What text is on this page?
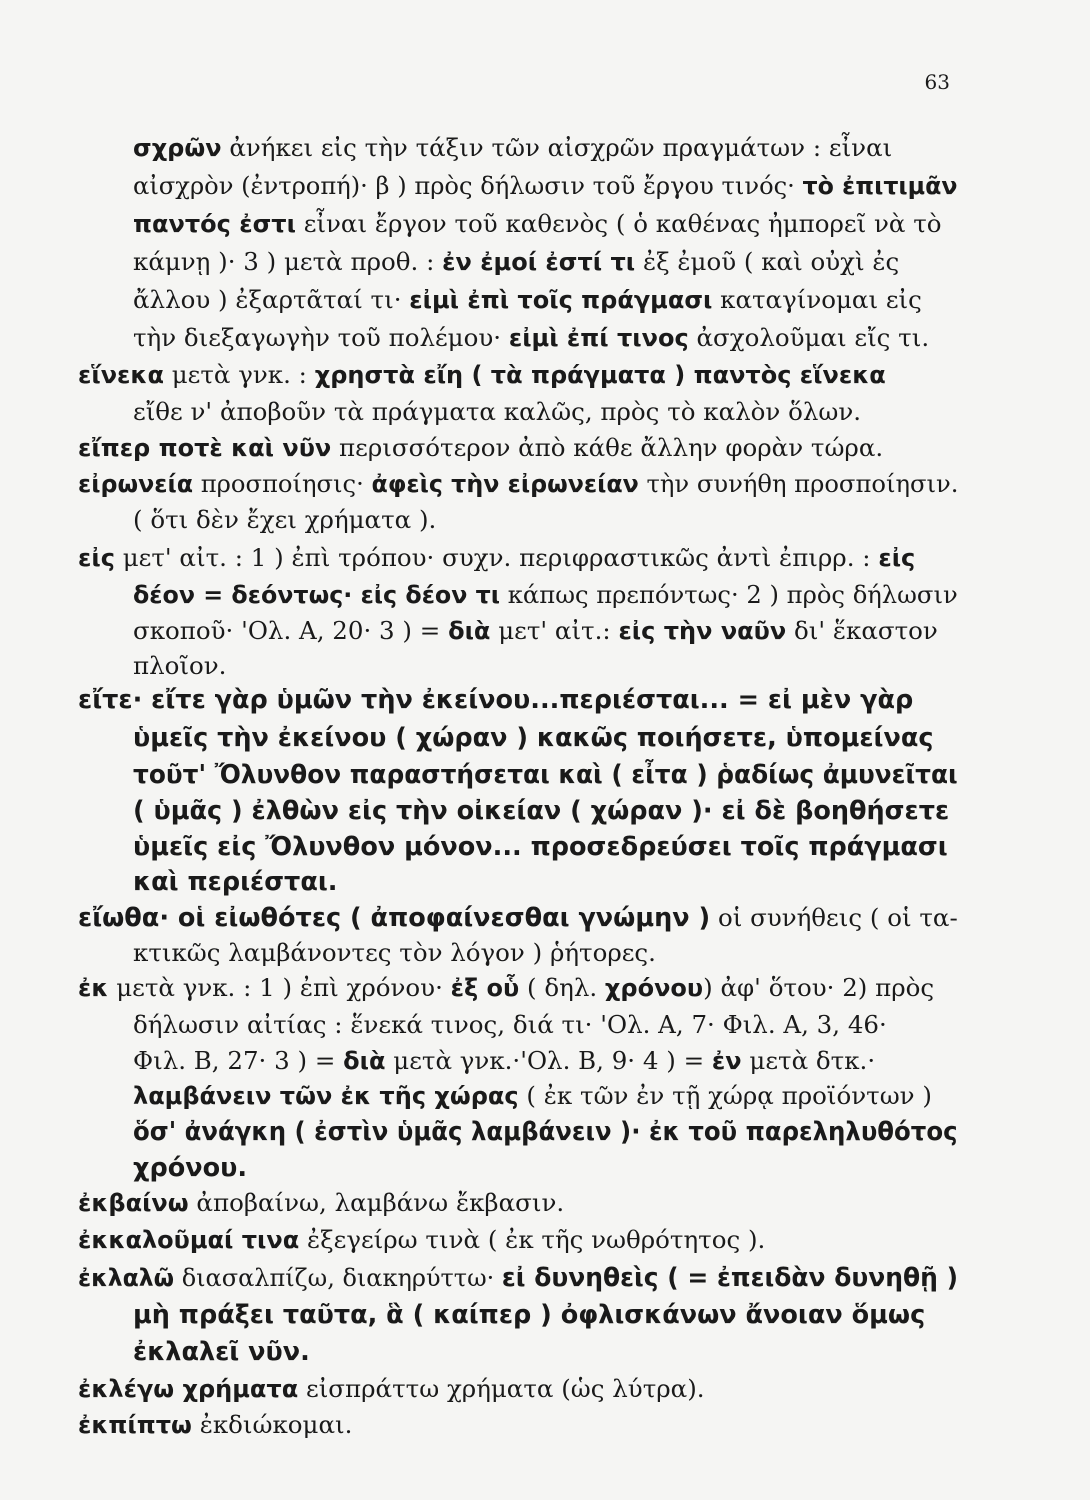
63
σχρῶν ἀνήκει εἰς τὴν τάξιν τῶν αἰσχρῶν πραγμάτων : εἶναι
αἰσχρὸν (ἐντροπή)· β ) πρὸς δήλωσιν τοῦ ἔργου τινός· τὸ ἐπιτιμᾶν
παντός ἐστι εἶναι ἔργον τοῦ καθενὸς ( ὁ καθένας ἠμπορεῖ νὰ τὸ
κάμνῃ )· 3 ) μετὰ προθ. : ἐν ἐμοί ἐστί τι ἐξ ἐμοῦ ( καὶ οὐχὶ ἐς
ἄλλου ) ἐξαρτᾶταί τι· εἰμὶ ἐπὶ τοῖς πράγμασι καταγίνομαι εἰς
τὴν διεξαγωγὴν τοῦ πολέμου· εἰμὶ ἐπί τινος ἀσχολοῦμαι εἴς τι.
εἵνεκα μετὰ γνκ. : χρηστὰ εἴη ( τὰ πράγματα ) παντὸς εἵνεκα
εἴθε ν' ἀποβοῦν τὰ πράγματα καλῶς, πρὸς τὸ καλὸν ὅλων.
εἴπερ ποτὲ καὶ νῦν περισσότερον ἀπὸ κάθε ἄλλην φορὰν τώρα.
εἰρωνεία προσποίησις· ἀφεὶς τὴν εἰρωνείαν τὴν συνήθη προσποίησιν.
( ὅτι δὲν ἔχει χρήματα ).
εἰς μετ' αἰτ. : 1 ) ἐπὶ τρόπου· συχν. περιφραστικῶς ἀντὶ ἐπιρρ. : εἰς
δέον = δεόντως· εἰς δέον τι κάπως πρεπόντως· 2 ) πρὸς δήλωσιν
σκοποῦ· 'Ολ. Α, 20· 3 ) = διὰ μετ' αἰτ.: εἰς τὴν ναῦν δι' ἕκαστον
πλοῖον.
εἴτε· εἴτε γὰρ ὑμῶν τὴν ἐκείνου...περιέσται... = εἰ μὲν γὰρ
ὑμεῖς τὴν ἐκείνου ( χώραν ) κακῶς ποιήσετε, ὑπομείνας
τοῦτ' Ὄλυνθον παραστήσεται καὶ ( εἶτα ) ῥαδίως ἀμυνεῖται
( ὑμᾶς ) ἐλθὼν εἰς τὴν οἰκείαν ( χώραν )· εἰ δὲ βοηθήσετε
ὑμεῖς εἰς Ὄλυνθον μόνον... προσεδρεύσει τοῖς πράγμασι
καὶ περιέσται.
εἴωθα· οἱ εἰωθότες ( ἀποφαίνεσθαι γνώμην ) οἱ συνήθεις ( οἱ τα-
κτικῶς λαμβάνοντες τὸν λόγον ) ῥήτορες.
ἐκ μετὰ γνκ. : 1 ) ἐπὶ χρόνου· ἐξ οὗ ( δηλ. χρόνου) ἀφ' ὅτου· 2) πρὸς
δήλωσιν αἰτίας : ἕνεκά τινος, διά τι· 'Ολ. Α, 7· Φιλ. Α, 3, 46·
Φιλ. Β, 27· 3 ) = διὰ μετὰ γνκ.·'Ολ. Β, 9· 4 ) = ἐν μετὰ δτκ.·
λαμβάνειν τῶν ἐκ τῆς χώρας ( ἐκ τῶν ἐν τῇ χώρᾳ προϊόντων )
ὅσ' ἀνάγκη ( ἐστὶν ὑμᾶς λαμβάνειν )· ἐκ τοῦ παρεληλυθότος
χρόνου.
ἐκβαίνω ἀποβαίνω, λαμβάνω ἔκβασιν.
ἐκκαλοῦμαί τινα ἐξεγείρω τινὰ ( ἐκ τῆς νωθρότητος ).
ἐκλαλῶ διασαλπίζω, διακηρύττω· εἰ δυνηθεὶς ( = ἐπειδὰν δυνηθῇ )
μὴ πράξει ταῦτα, ἃ ( καίπερ ) ὀφλισκάνων ἄνοιαν ὅμως
ἐκλαλεῖ νῦν.
ἐκλέγω χρήματα εἰσπράττω χρήματα (ὡς λύτρα).
ἐκπίπτω ἐκδιώκομαι.
